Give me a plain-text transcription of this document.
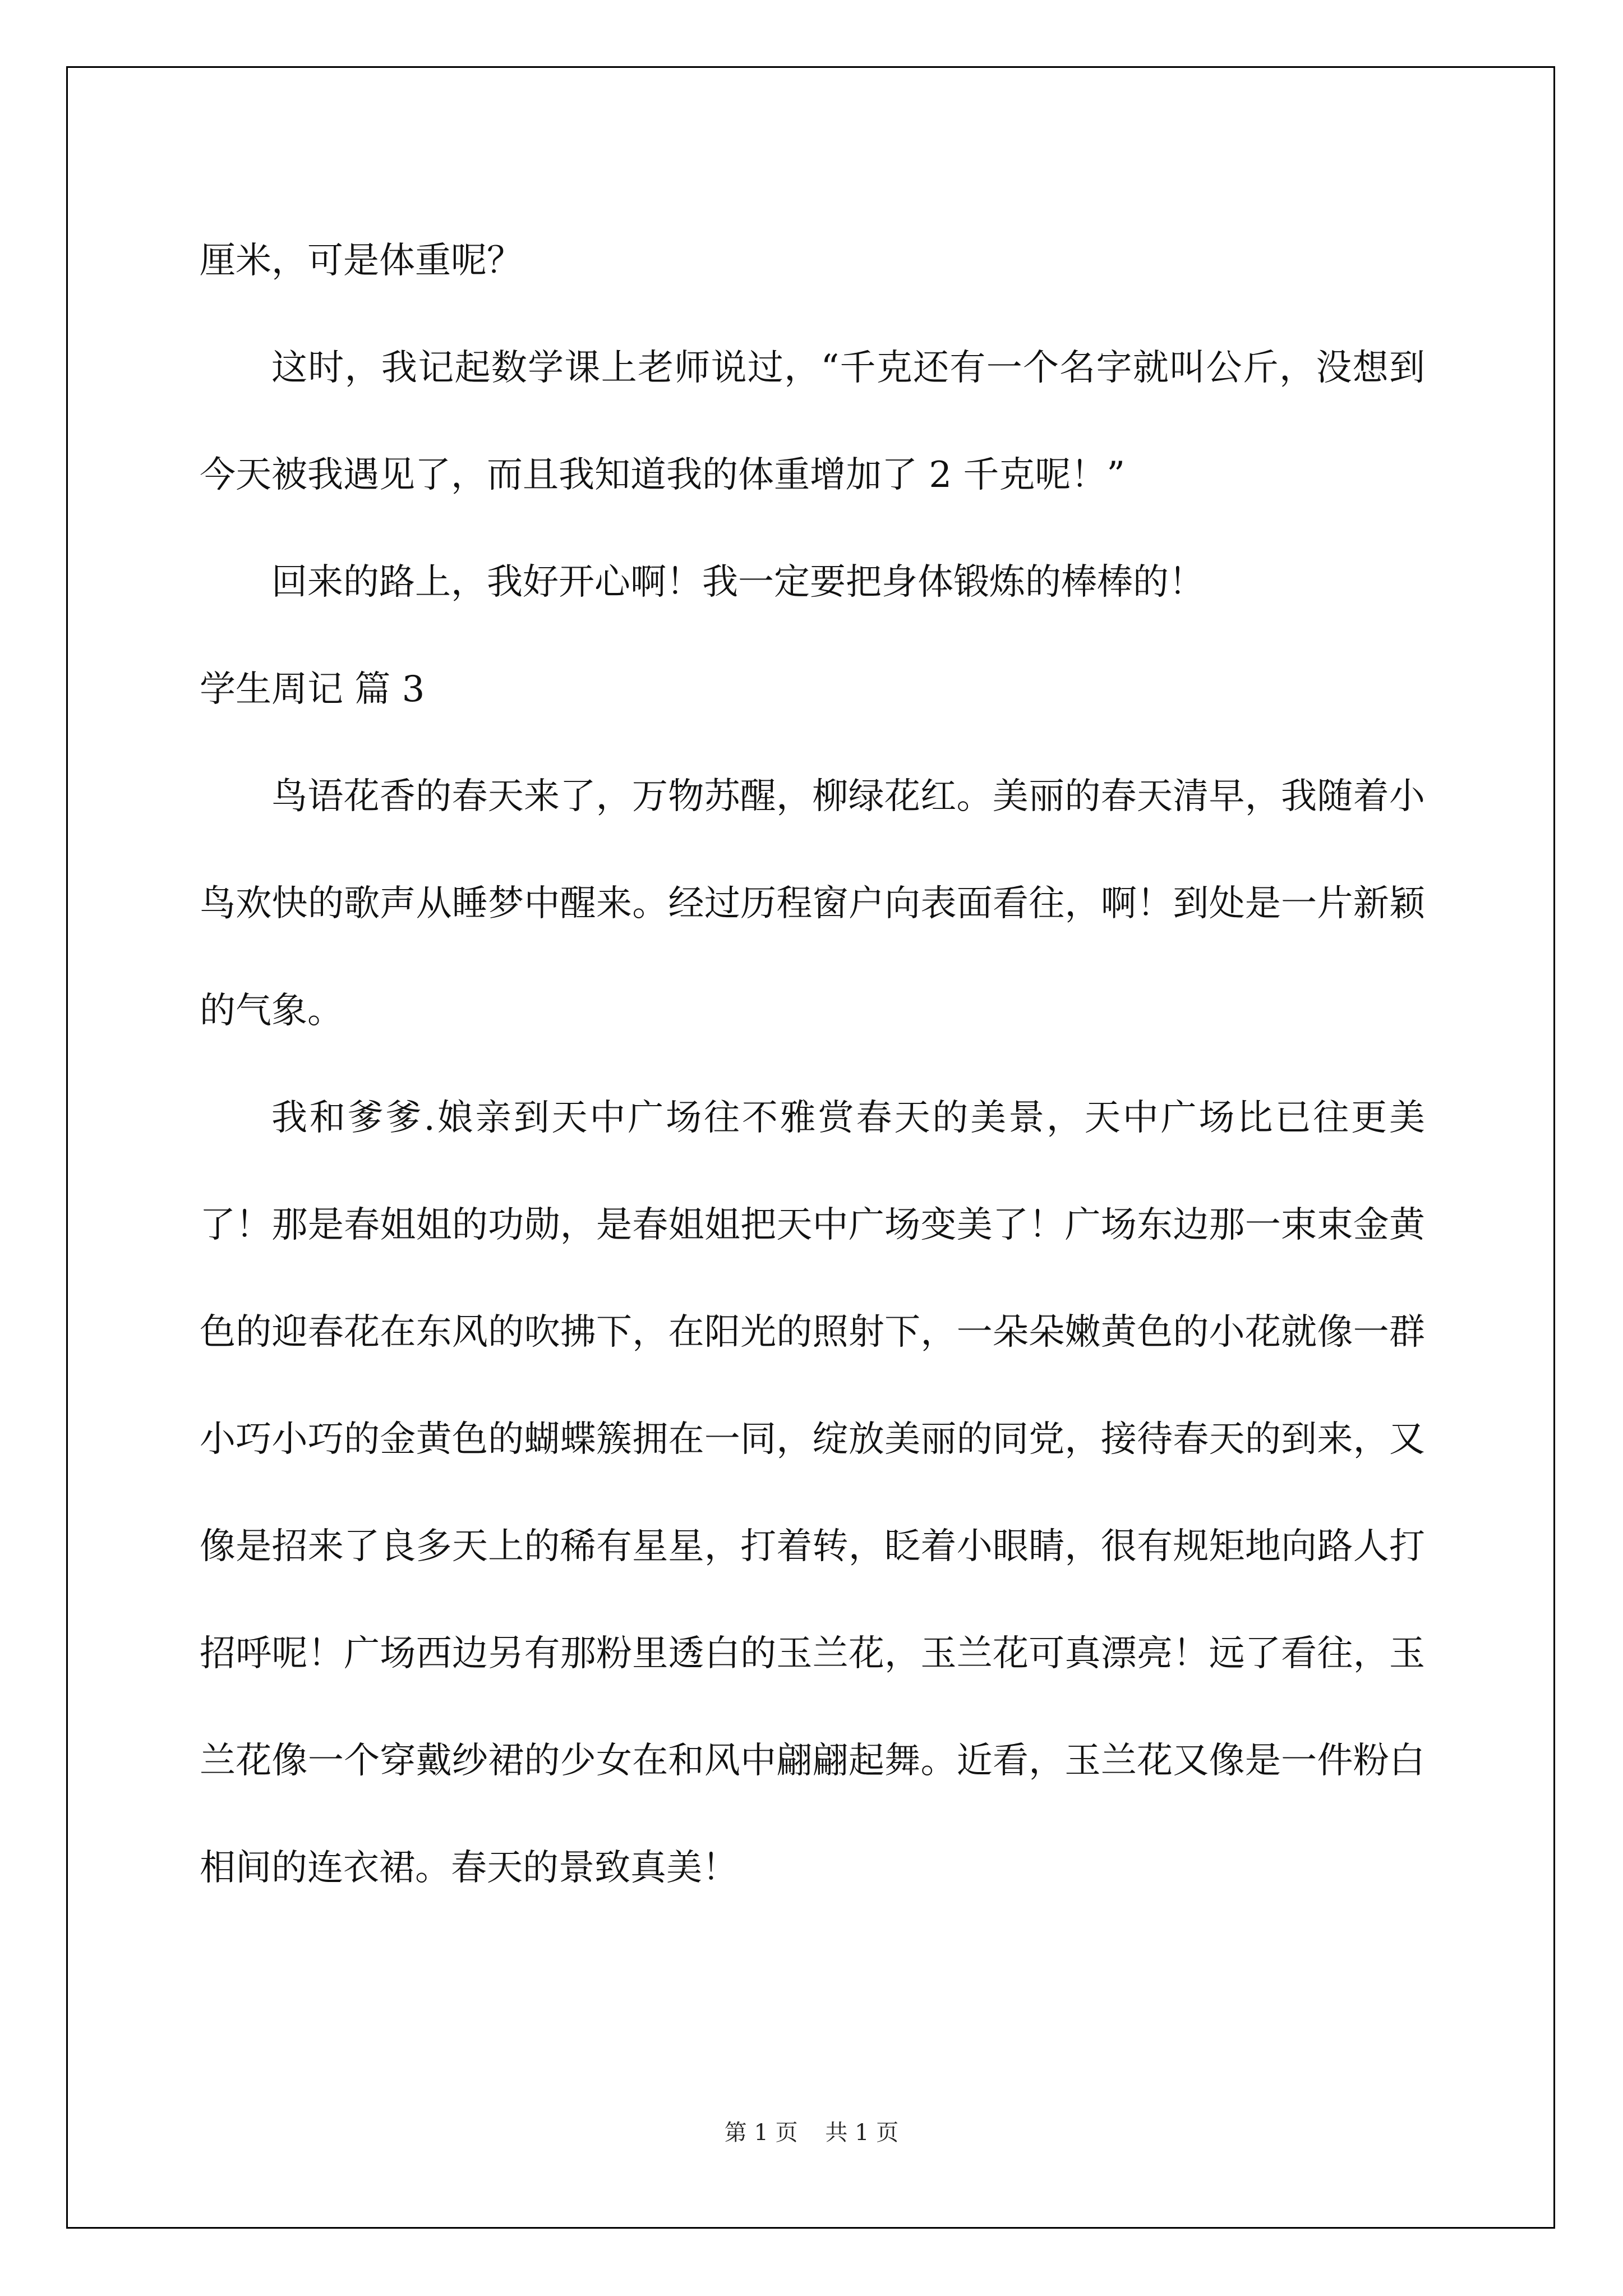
厘米，可是体重呢？

这时，我记起数学课上老师说过，“千克还有一个名字就叫公斤，没想到今天被我遇见了，而且我知道我的体重增加了 2 千克呢！”

回来的路上，我好开心啊！我一定要把身体锻炼的棒棒的！

学生周记 篇 3

鸟语花香的春天来了，万物苏醒，柳绿花红。美丽的春天清早，我随着小鸟欢快的歌声从睡梦中醒来。经过历程窗户向表面看往，啊！到处是一片新颖的气象。

我和爹爹.娘亲到天中广场往不雅赏春天的美景，天中广场比已往更美了！那是春姐姐的功勋，是春姐姐把天中广场变美了！广场东边那一束束金黄色的迎春花在东风的吹拂下，在阳光的照射下，一朵朵嫩黄色的小花就像一群小巧小巧的金黄色的蝴蝶簇拥在一同，绽放美丽的同党，接待春天的到来，又像是招来了良多天上的稀有星星，打着转，眨着小眼睛，很有规矩地向路人打招呼呢！广场西边另有那粉里透白的玉兰花，玉兰花可真漂亮！远了看往，玉兰花像一个穿戴纱裙的少女在和风中翩翩起舞。近看，玉兰花又像是一件粉白相间的连衣裙。春天的景致真美！

第 1 页 共 1 页
